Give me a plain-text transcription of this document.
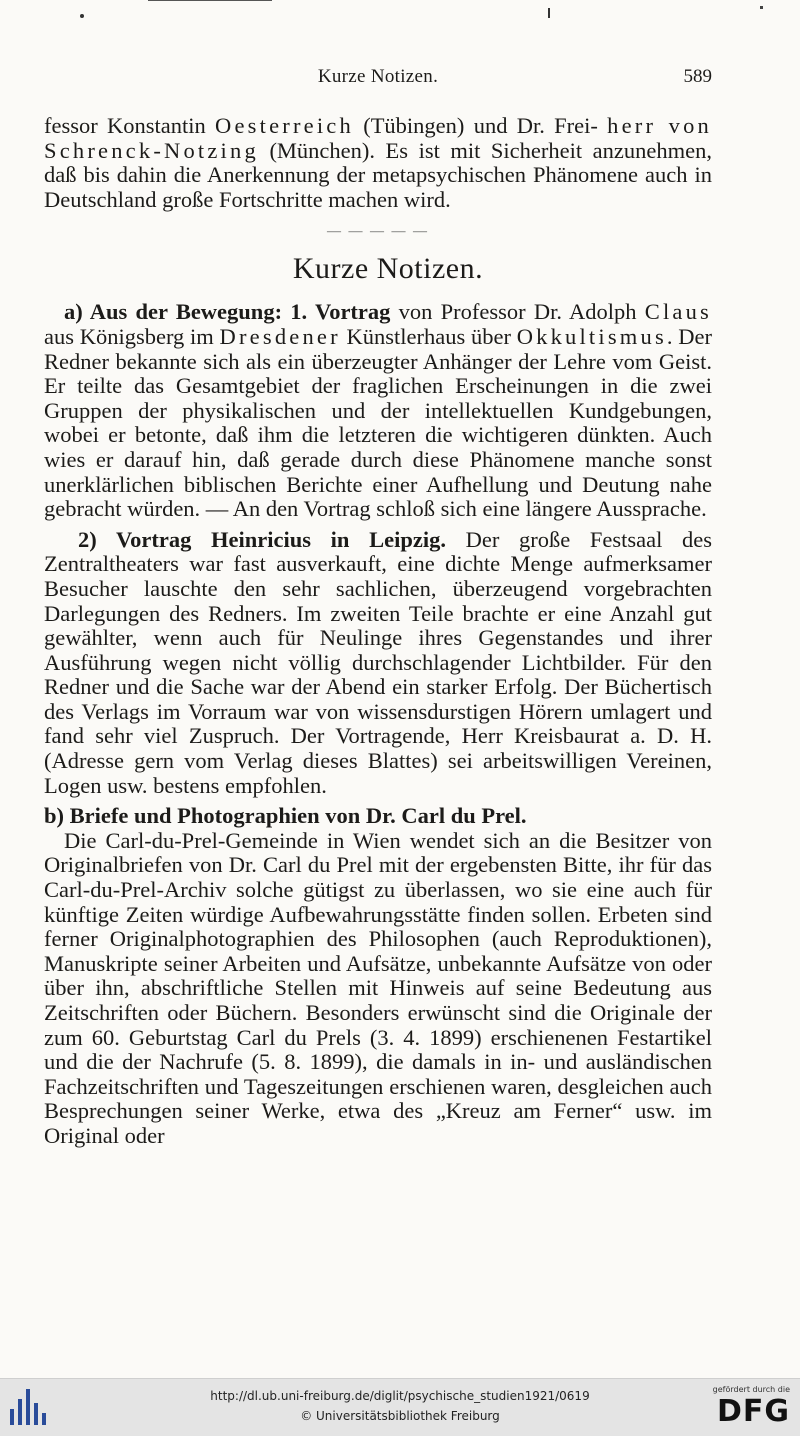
Kurze Notizen.	589

fessor Konstantin Oesterreich (Tübingen) und Dr. Frei- herr von Schrenck-Notzing (München). Es ist mit Sicherheit anzunehmen, daß bis dahin die Anerkennung der metapsychischen Phänomene auch in Deutschland große Fortschritte machen wird.

— — — — —
Kurze Notizen.

a) Aus der Bewegung: 1. Vortrag von Professor Dr. Adolph Claus aus Königsberg im Dresdener Künstlerhaus über Okkultismus. Der Redner bekannte sich als ein überzeugter Anhänger der Lehre vom Geist. Er teilte das Gesamtgebiet der fraglichen Erscheinungen in die zwei Gruppen der physikalischen und der intellektuellen Kundgebungen, wobei er betonte, daß ihm die letzteren die wichtigeren dünkten. Auch wies er darauf hin, daß gerade durch diese Phänomene manche sonst unerklärlichen biblischen Berichte einer Aufhellung und Deutung nahe gebracht würden. — An den Vortrag schloß sich eine längere Aussprache.

2) Vortrag Heinricius in Leipzig. Der große Festsaal des Zentraltheaters war fast ausverkauft, eine dichte Menge aufmerksamer Besucher lauschte den sehr sachlichen, überzeugend vorgebrachten Darlegungen des Redners. Im zweiten Teile brachte er eine Anzahl gut gewählter, wenn auch für Neulinge ihres Gegenstandes und ihrer Ausführung wegen nicht völlig durchschlagender Lichtbilder. Für den Redner und die Sache war der Abend ein starker Erfolg. Der Büchertisch des Verlags im Vorraum war von wissensdurstigen Hörern umlagert und fand sehr viel Zuspruch. Der Vortragende, Herr Kreisbaurat a. D. H. (Adresse gern vom Verlag dieses Blattes) sei arbeitswilligen Vereinen, Logen usw. bestens empfohlen.

b) Briefe und Photographien von Dr. Carl du Prel.

Die Carl-du-Prel-Gemeinde in Wien wendet sich an die Besitzer von Originalbriefen von Dr. Carl du Prel mit der ergebensten Bitte, ihr für das Carl-du-Prel-Archiv solche gütigst zu überlassen, wo sie eine auch für künftige Zeiten würdige Aufbewahrungsstätte finden sollen. Erbeten sind ferner Originalphotographien des Philosophen (auch Reproduktionen), Manuskripte seiner Arbeiten und Aufsätze, unbekannte Aufsätze von oder über ihn, abschriftliche Stellen mit Hinweis auf seine Bedeutung aus Zeitschriften oder Büchern. Besonders erwünscht sind die Originale der zum 60. Geburtstag Carl du Prels (3. 4. 1899) erschienenen Festartikel und die der Nachrufe (5. 8. 1899), die damals in in- und ausländischen Fachzeitschriften und Tageszeitungen erschienen waren, desgleichen auch Besprechungen seiner Werke, etwa des „Kreuz am Ferner“ usw. im Original oder

http://dl.ub.uni-freiburg.de/diglit/psychische_studien1921/0619
© Universitätsbibliothek Freiburg
gefördert durch die
DFG
